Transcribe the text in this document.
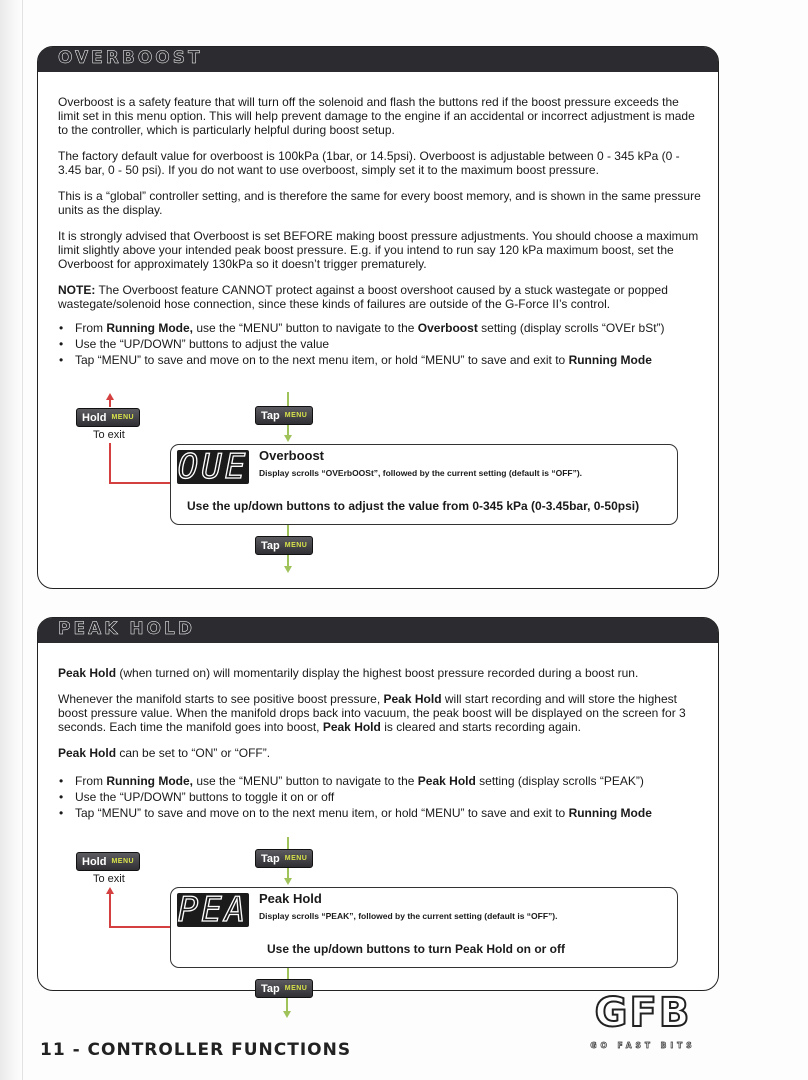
OVERBOOST

Overboost is a safety feature that will turn off the solenoid and flash the buttons red if the boost pressure exceeds the limit set in this menu option. This will help prevent damage to the engine if an accidental or incorrect adjustment is made to the controller, which is particularly helpful during boost setup.

The factory default value for overboost is 100kPa (1bar, or 14.5psi). Overboost is adjustable between 0 - 345 kPa (0 - 3.45 bar, 0 - 50 psi). If you do not want to use overboost, simply set it to the maximum boost pressure.

This is a “global” controller setting, and is therefore the same for every boost memory, and is shown in the same pressure units as the display.

It is strongly advised that Overboost is set BEFORE making boost pressure adjustments. You should choose a maximum limit slightly above your intended peak boost pressure. E.g. if you intend to run say 120 kPa maximum boost, set the Overboost for approximately 130kPa so it doesn’t trigger prematurely.

NOTE: The Overboost feature CANNOT protect against a boost overshoot caused by a stuck wastegate or popped wastegate/solenoid hose connection, since these kinds of failures are outside of the G-Force II’s control.

• From Running Mode, use the “MENU” button to navigate to the Overboost setting (display scrolls “OVEr bSt”)
• Use the “UP/DOWN” buttons to adjust the value
• Tap “MENU” to save and move on to the next menu item, or hold “MENU” to save and exit to Running Mode
Hold MENU
To exit
Tap MENU
OUE Overboost
Display scrolls “OVErbOOSt”, followed by the current setting (default is “OFF”).
Use the up/down buttons to adjust the value from 0-345 kPa (0-3.45bar, 0-50psi)
Tap MENU
PEAK HOLD

Peak Hold (when turned on) will momentarily display the highest boost pressure recorded during a boost run.

Whenever the manifold starts to see positive boost pressure, Peak Hold will start recording and will store the highest boost pressure value. When the manifold drops back into vacuum, the peak boost will be displayed on the screen for 3 seconds. Each time the manifold goes into boost, Peak Hold is cleared and starts recording again.

Peak Hold can be set to “ON” or “OFF”.

• From Running Mode, use the “MENU” button to navigate to the Peak Hold setting (display scrolls “PEAK”)
• Use the “UP/DOWN” buttons to toggle it on or off
• Tap “MENU” to save and move on to the next menu item, or hold “MENU” to save and exit to Running Mode
Hold MENU
To exit
Tap MENU
PEA Peak Hold
Display scrolls “PEAK”, followed by the current setting (default is “OFF”).
Use the up/down buttons to turn Peak Hold on or off
Tap MENU
11 - CONTROLLER FUNCTIONS
GFB
GO FAST BITS
